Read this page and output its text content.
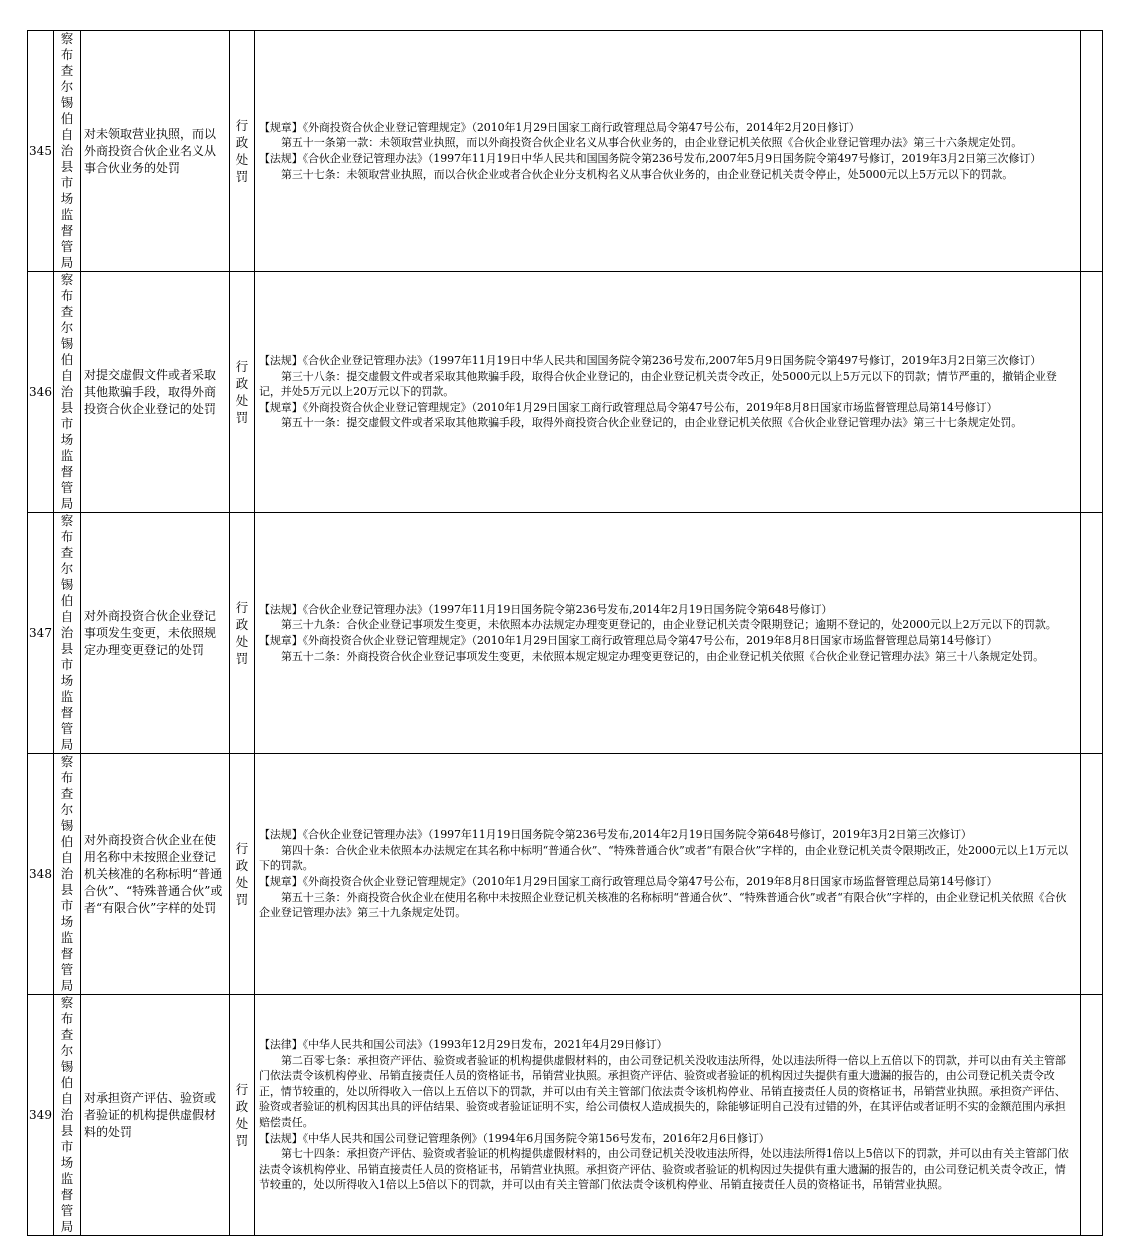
345	察布查尔锡伯自治县市场监督管局	对未领取营业执照，而以外商投资合伙企业名义从事合伙业务的处罚	行政处罚	【规章】《外商投资合伙企业登记管理规定》（2010年1月29日国家工商行政管理总局令第47号公布，2014年2月20日修订）
第五十一条第一款：未领取营业执照，而以外商投资合伙企业名义从事合伙业务的，由企业登记机关依照《合伙企业登记管理办法》第三十六条规定处罚。
【法规】《合伙企业登记管理办法》（1997年11月19日中华人民共和国国务院令第236号发布,2007年5月9日国务院令第497号修订，2019年3月2日第三次修订）
第三十七条：未领取营业执照，而以合伙企业或者合伙企业分支机构名义从事合伙业务的，由企业登记机关责令停止，处5000元以上5万元以下的罚款。	

346	察布查尔锡伯自治县市场监督管局	对提交虚假文件或者采取其他欺骗手段，取得外商投资合伙企业登记的处罚	行政处罚	【法规】《合伙企业登记管理办法》（1997年11月19日中华人民共和国国务院令第236号发布,2007年5月9日国务院令第497号修订，2019年3月2日第三次修订）
第三十八条：提交虚假文件或者采取其他欺骗手段，取得合伙企业登记的，由企业登记机关责令改正，处5000元以上5万元以下的罚款；情节严重的，撤销企业登记，并处5万元以上20万元以下的罚款。
【规章】《外商投资合伙企业登记管理规定》（2010年1月29日国家工商行政管理总局令第47号公布，2019年8月8日国家市场监督管理总局第14号修订）
第五十一条：提交虚假文件或者采取其他欺骗手段，取得外商投资合伙企业登记的，由企业登记机关依照《合伙企业登记管理办法》第三十七条规定处罚。	

347	察布查尔锡伯自治县市场监督管局	对外商投资合伙企业登记事项发生变更，未依照规定办理变更登记的处罚	行政处罚	【法规】《合伙企业登记管理办法》（1997年11月19日国务院令第236号发布,2014年2月19日国务院令第648号修订）
第三十九条：合伙企业登记事项发生变更，未依照本办法规定办理变更登记的，由企业登记机关责令限期登记；逾期不登记的，处2000元以上2万元以下的罚款。
【规章】《外商投资合伙企业登记管理规定》（2010年1月29日国家工商行政管理总局令第47号公布，2019年8月8日国家市场监督管理总局第14号修订）
第五十二条：外商投资合伙企业登记事项发生变更，未依照本规定规定办理变更登记的，由企业登记机关依照《合伙企业登记管理办法》第三十八条规定处罚。	

348	察布查尔锡伯自治县市场监督管局	对外商投资合伙企业在使用名称中未按照企业登记机关核准的名称标明“普通合伙”、“特殊普通合伙”或者“有限合伙”字样的处罚	行政处罚	【法规】《合伙企业登记管理办法》（1997年11月19日国务院令第236号发布,2014年2月19日国务院令第648号修订，2019年3月2日第三次修订）
第四十条：合伙企业未依照本办法规定在其名称中标明“普通合伙”、“特殊普通合伙”或者“有限合伙”字样的，由企业登记机关责令限期改正，处2000元以上1万元以下的罚款。
【规章】《外商投资合伙企业登记管理规定》（2010年1月29日国家工商行政管理总局令第47号公布，2019年8月8日国家市场监督管理总局第14号修订）
第五十三条：外商投资合伙企业在使用名称中未按照企业登记机关核准的名称标明“普通合伙”、“特殊普通合伙”或者“有限合伙”字样的，由企业登记机关依照《合伙企业登记管理办法》第三十九条规定处罚。	

349	察布查尔锡伯自治县市场监督管局	对承担资产评估、验资或者验证的机构提供虚假材料的处罚	行政处罚	【法律】《中华人民共和国公司法》（1993年12月29日发布，2021年4月29日修订）
第二百零七条：承担资产评估、验资或者验证的机构提供虚假材料的，由公司登记机关没收违法所得，处以违法所得一倍以上五倍以下的罚款，并可以由有关主管部门依法责令该机构停业、吊销直接责任人员的资格证书，吊销营业执照。承担资产评估、验资或者验证的机构因过失提供有重大遗漏的报告的，由公司登记机关责令改正，情节较重的，处以所得收入一倍以上五倍以下的罚款，并可以由有关主管部门依法责令该机构停业、吊销直接责任人员的资格证书，吊销营业执照。承担资产评估、验资或者验证的机构因其出具的评估结果、验资或者验证证明不实，给公司债权人造成损失的，除能够证明自己没有过错的外，在其评估或者证明不实的金额范围内承担赔偿责任。
【法规】《中华人民共和国公司登记管理条例》（1994年6月国务院令第156号发布，2016年2月6日修订）
第七十四条：承担资产评估、验资或者验证的机构提供虚假材料的，由公司登记机关没收违法所得，处以违法所得1倍以上5倍以下的罚款，并可以由有关主管部门依法责令该机构停业、吊销直接责任人员的资格证书，吊销营业执照。承担资产评估、验资或者验证的机构因过失提供有重大遗漏的报告的，由公司登记机关责令改正，情节较重的，处以所得收入1倍以上5倍以下的罚款，并可以由有关主管部门依法责令该机构停业、吊销直接责任人员的资格证书，吊销营业执照。	
